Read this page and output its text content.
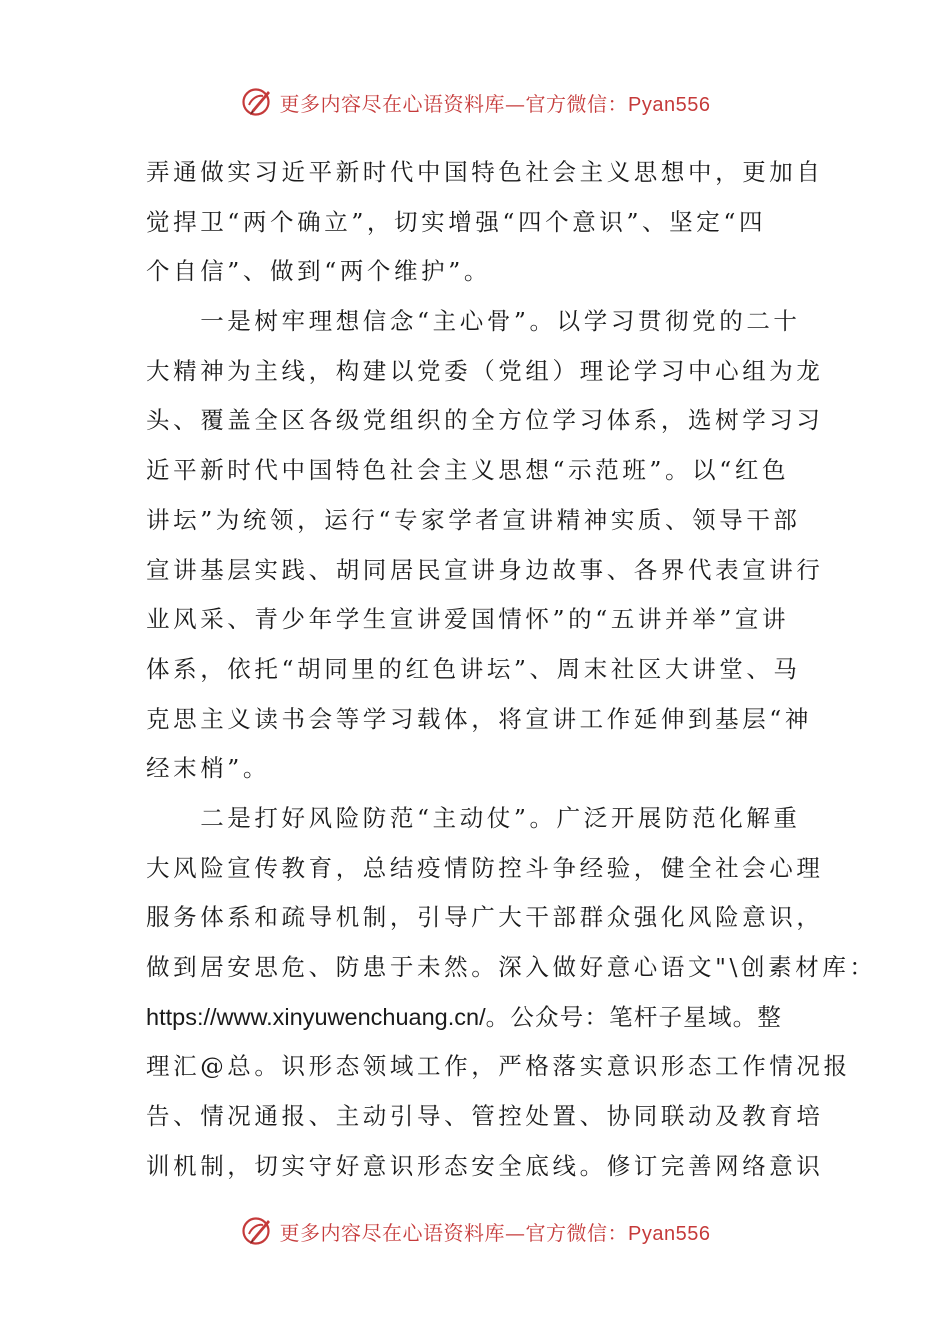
更多内容尽在心语资料库—官方微信：Pyan556
弄通做实习近平新时代中国特色社会主义思想中，更加自
觉捍卫“两个确立”，切实增强“四个意识”、坚定“四
个自信”、做到“两个维护”。
　　一是树牢理想信念“主心骨”。以学习贯彻党的二十
大精神为主线，构建以党委（党组）理论学习中心组为龙
头、覆盖全区各级党组织的全方位学习体系，选树学习习
近平新时代中国特色社会主义思想“示范班”。以“红色
讲坛”为统领，运行“专家学者宣讲精神实质、领导干部
宣讲基层实践、胡同居民宣讲身边故事、各界代表宣讲行
业风采、青少年学生宣讲爱国情怀”的“五讲并举”宣讲
体系，依托“胡同里的红色讲坛”、周末社区大讲堂、马
克思主义读书会等学习载体，将宣讲工作延伸到基层“神
经末梢”。
　　二是打好风险防范“主动仗”。广泛开展防范化解重
大风险宣传教育，总结疫情防控斗争经验，健全社会心理
服务体系和疏导机制，引导广大干部群众强化风险意识，
做到居安思危、防患于未然。深入做好意心语文"\创素材库：
https://www.xinyuwenchuang.cn/。公众号：笔杆子星域。整
理汇@总。识形态领域工作，严格落实意识形态工作情况报
告、情况通报、主动引导、管控处置、协同联动及教育培
训机制，切实守好意识形态安全底线。修订完善网络意识
更多内容尽在心语资料库—官方微信：Pyan556
